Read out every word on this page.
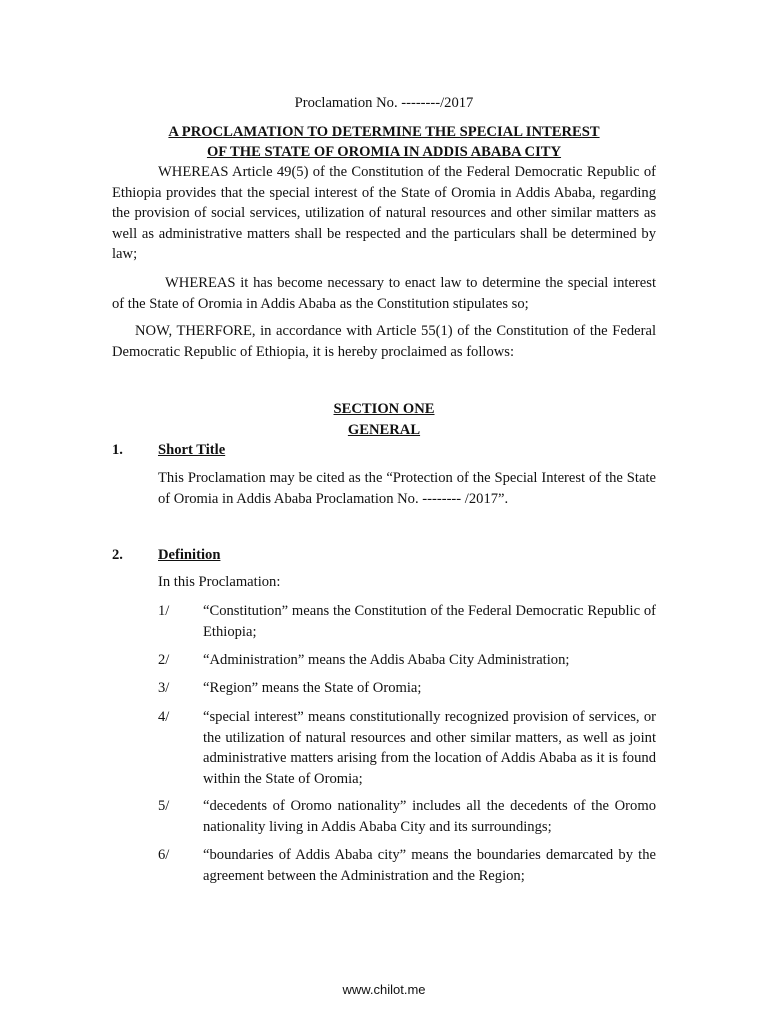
Proclamation No. --------/2017
A PROCLAMATION TO DETERMINE THE SPECIAL INTEREST
OF THE STATE OF OROMIA IN ADDIS ABABA CITY
WHEREAS Article 49(5) of the Constitution of the Federal Democratic Republic of Ethiopia provides that the special interest of the State of Oromia in Addis Ababa, regarding the provision of social services, utilization of natural resources and other similar matters as well as administrative matters shall be respected and the particulars shall be determined by law;
WHEREAS it has become necessary to enact law to determine the special interest of the State of Oromia in Addis Ababa as the Constitution stipulates so;
NOW, THERFORE, in accordance with Article 55(1) of the Constitution of the Federal Democratic Republic of Ethiopia, it is hereby proclaimed as follows:
SECTION ONE
GENERAL
1. Short Title
This Proclamation may be cited as the “Protection of the Special Interest of the State of Oromia in Addis Ababa Proclamation No. -------- /2017”.
2. Definition
In this Proclamation:
1/ “Constitution” means the Constitution of the Federal Democratic Republic of Ethiopia;
2/ “Administration” means the Addis Ababa City Administration;
3/ “Region” means the State of Oromia;
4/ “special interest” means constitutionally recognized provision of services, or the utilization of natural resources and other similar matters, as well as joint administrative matters arising from the location of Addis Ababa as it is found within the State of Oromia;
5/ “decedents of Oromo nationality” includes all the decedents of the Oromo nationality living in Addis Ababa City and its surroundings;
6/ “boundaries of Addis Ababa city” means the boundaries demarcated by the agreement between the Administration and the Region;
www.chilot.me
